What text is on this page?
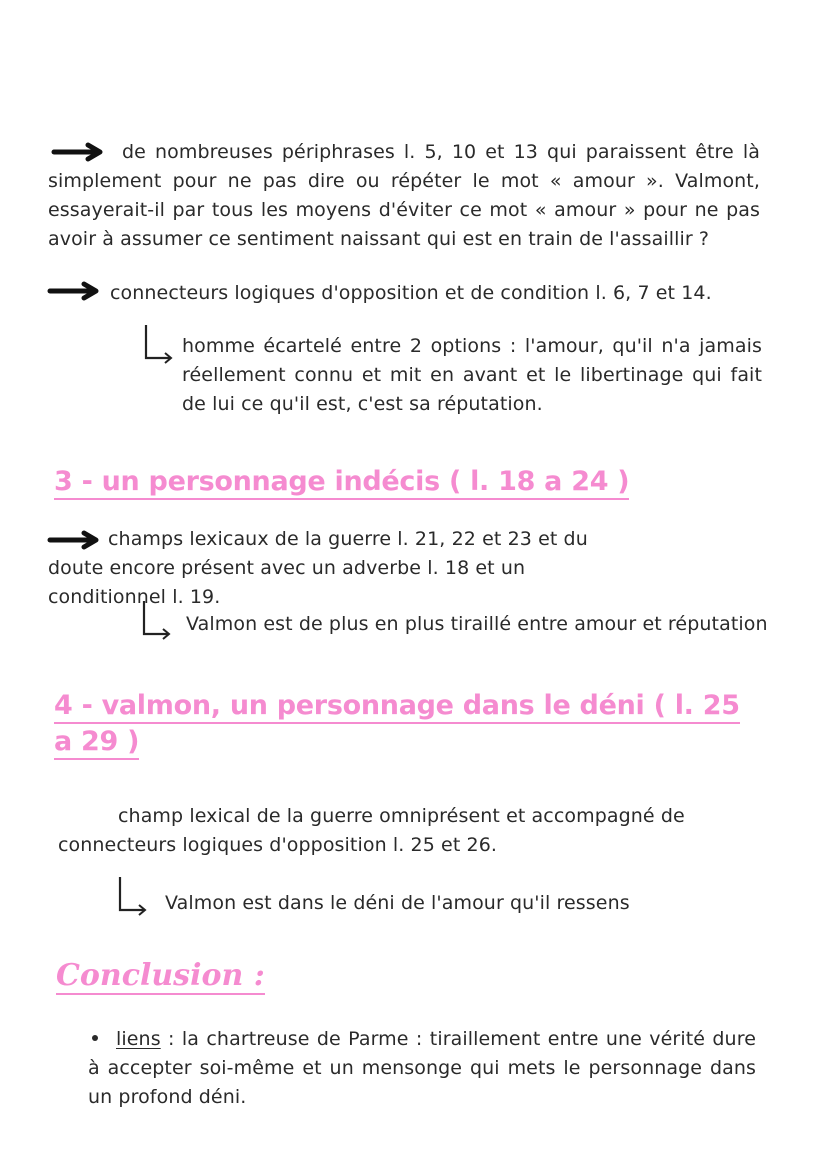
de nombreuses périphrases l. 5, 10 et 13 qui paraissent être là simplement pour ne pas dire ou répéter le mot « amour ». Valmont, essayerait-il par tous les moyens d'éviter ce mot « amour » pour ne pas avoir à assumer ce sentiment naissant qui est en train de l'assaillir ?
connecteurs logiques d'opposition et de condition l. 6, 7 et 14.
homme écartelé entre 2 options : l'amour, qu'il n'a jamais réellement connu et mit en avant et le libertinage qui fait de lui ce qu'il est, c'est sa réputation.
3 - un personnage indécis ( l. 18 a 24 )
champs lexicaux de la guerre l. 21, 22 et 23 et du doute encore présent avec un adverbe l. 18 et un conditionnel l. 19.
Valmon est de plus en plus tiraillé entre amour et réputation
4 - valmon, un personnage dans le déni ( l. 25
a 29 )
champ lexical de la guerre omniprésent et accompagné de connecteurs logiques d'opposition l. 25 et 26.
Valmon est dans le déni de l'amour qu'il ressens
Conclusion :
liens : la chartreuse de Parme : tiraillement entre une vérité dure à accepter soi-même et un mensonge qui mets le personnage dans un profond déni.
